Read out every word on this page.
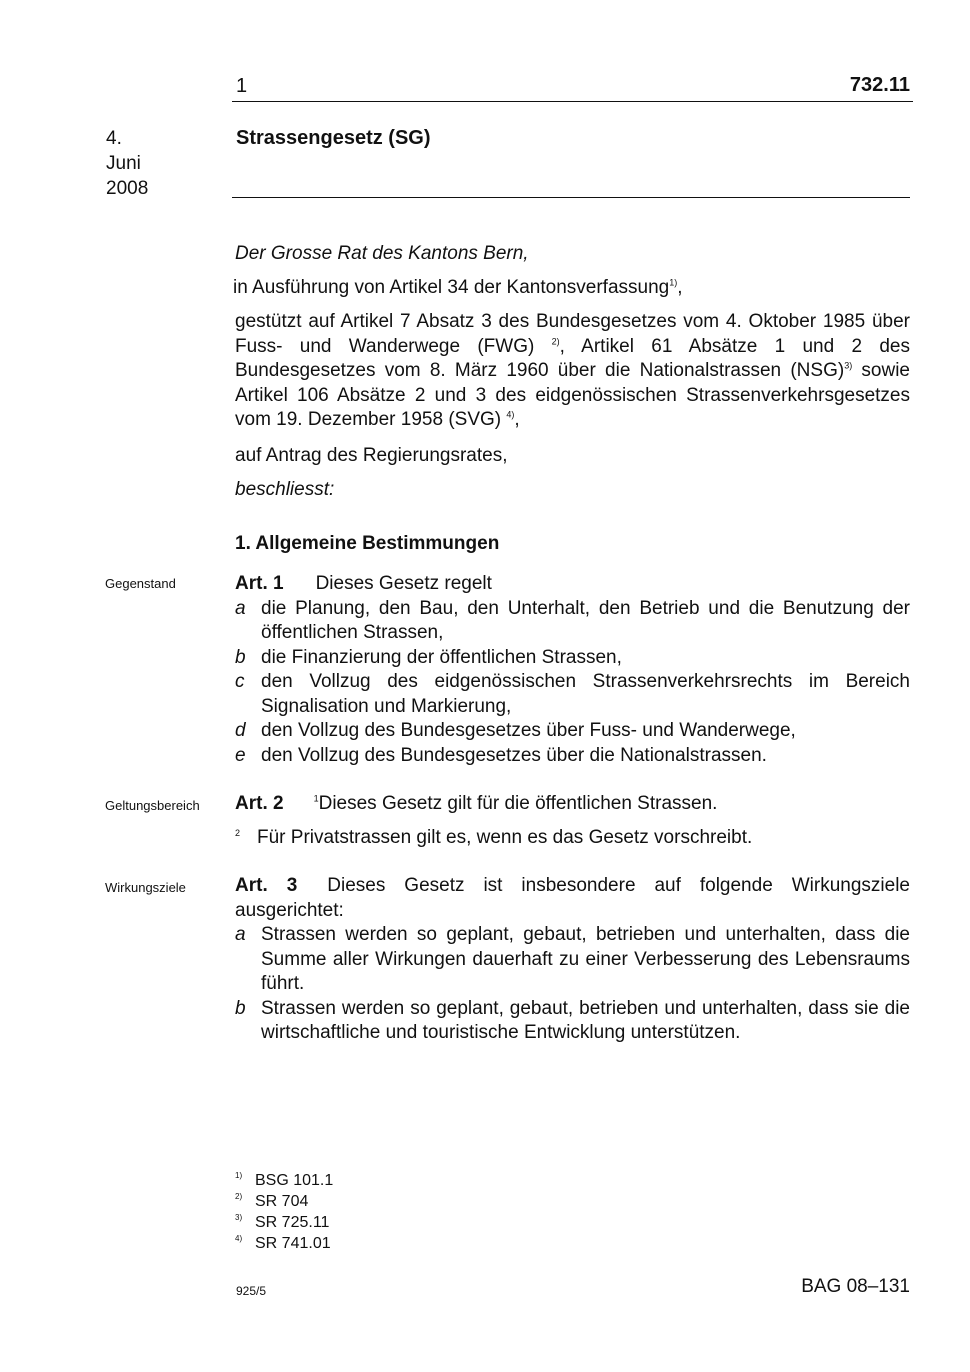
1	732.11
4.
Juni
2008
Strassengesetz (SG)
Der Grosse Rat des Kantons Bern,
in Ausführung von Artikel 34 der Kantonsverfassung$^{1)}$,
gestützt auf Artikel 7 Absatz 3 des Bundesgesetzes vom 4. Oktober 1985 über Fuss- und Wanderwege (FWG) $^{2)}$, Artikel 61 Absätze 1 und 2 des Bundesgesetzes vom 8. März 1960 über die Nationalstrassen (NSG)$^{3)}$ sowie Artikel 106 Absätze 2 und 3 des eidgenössischen Strassenverkehrsgesetzes vom 19. Dezember 1958 (SVG) $^{4)}$,
auf Antrag des Regierungsrates,
beschliesst:
1. Allgemeine Bestimmungen
Gegenstand	Art. 1 Dieses Gesetz regelt
a die Planung, den Bau, den Unterhalt, den Betrieb und die Benutzung der öffentlichen Strassen,
b die Finanzierung der öffentlichen Strassen,
c den Vollzug des eidgenössischen Strassenverkehrsrechts im Bereich Signalisation und Markierung,
d den Vollzug des Bundesgesetzes über Fuss- und Wanderwege,
e den Vollzug des Bundesgesetzes über die Nationalstrassen.
Geltungsbereich Art. 2	$^1$Dieses Gesetz gilt für die öffentlichen Strassen.
2 Für Privatstrassen gilt es, wenn es das Gesetz vorschreibt.
Wirkungsziele	Art. 3 Dieses Gesetz ist insbesondere auf folgende Wirkungsziele ausgerichtet:
a Strassen werden so geplant, gebaut, betrieben und unterhalten, dass die Summe aller Wirkungen dauerhaft zu einer Verbesserung des Lebensraums führt.
b Strassen werden so geplant, gebaut, betrieben und unterhalten, dass sie die wirtschaftliche und touristische Entwicklung unterstützen.
1) BSG 101.1
2) SR 704
3) SR 725.11
4) SR 741.01
925/5	BAG 08–131
